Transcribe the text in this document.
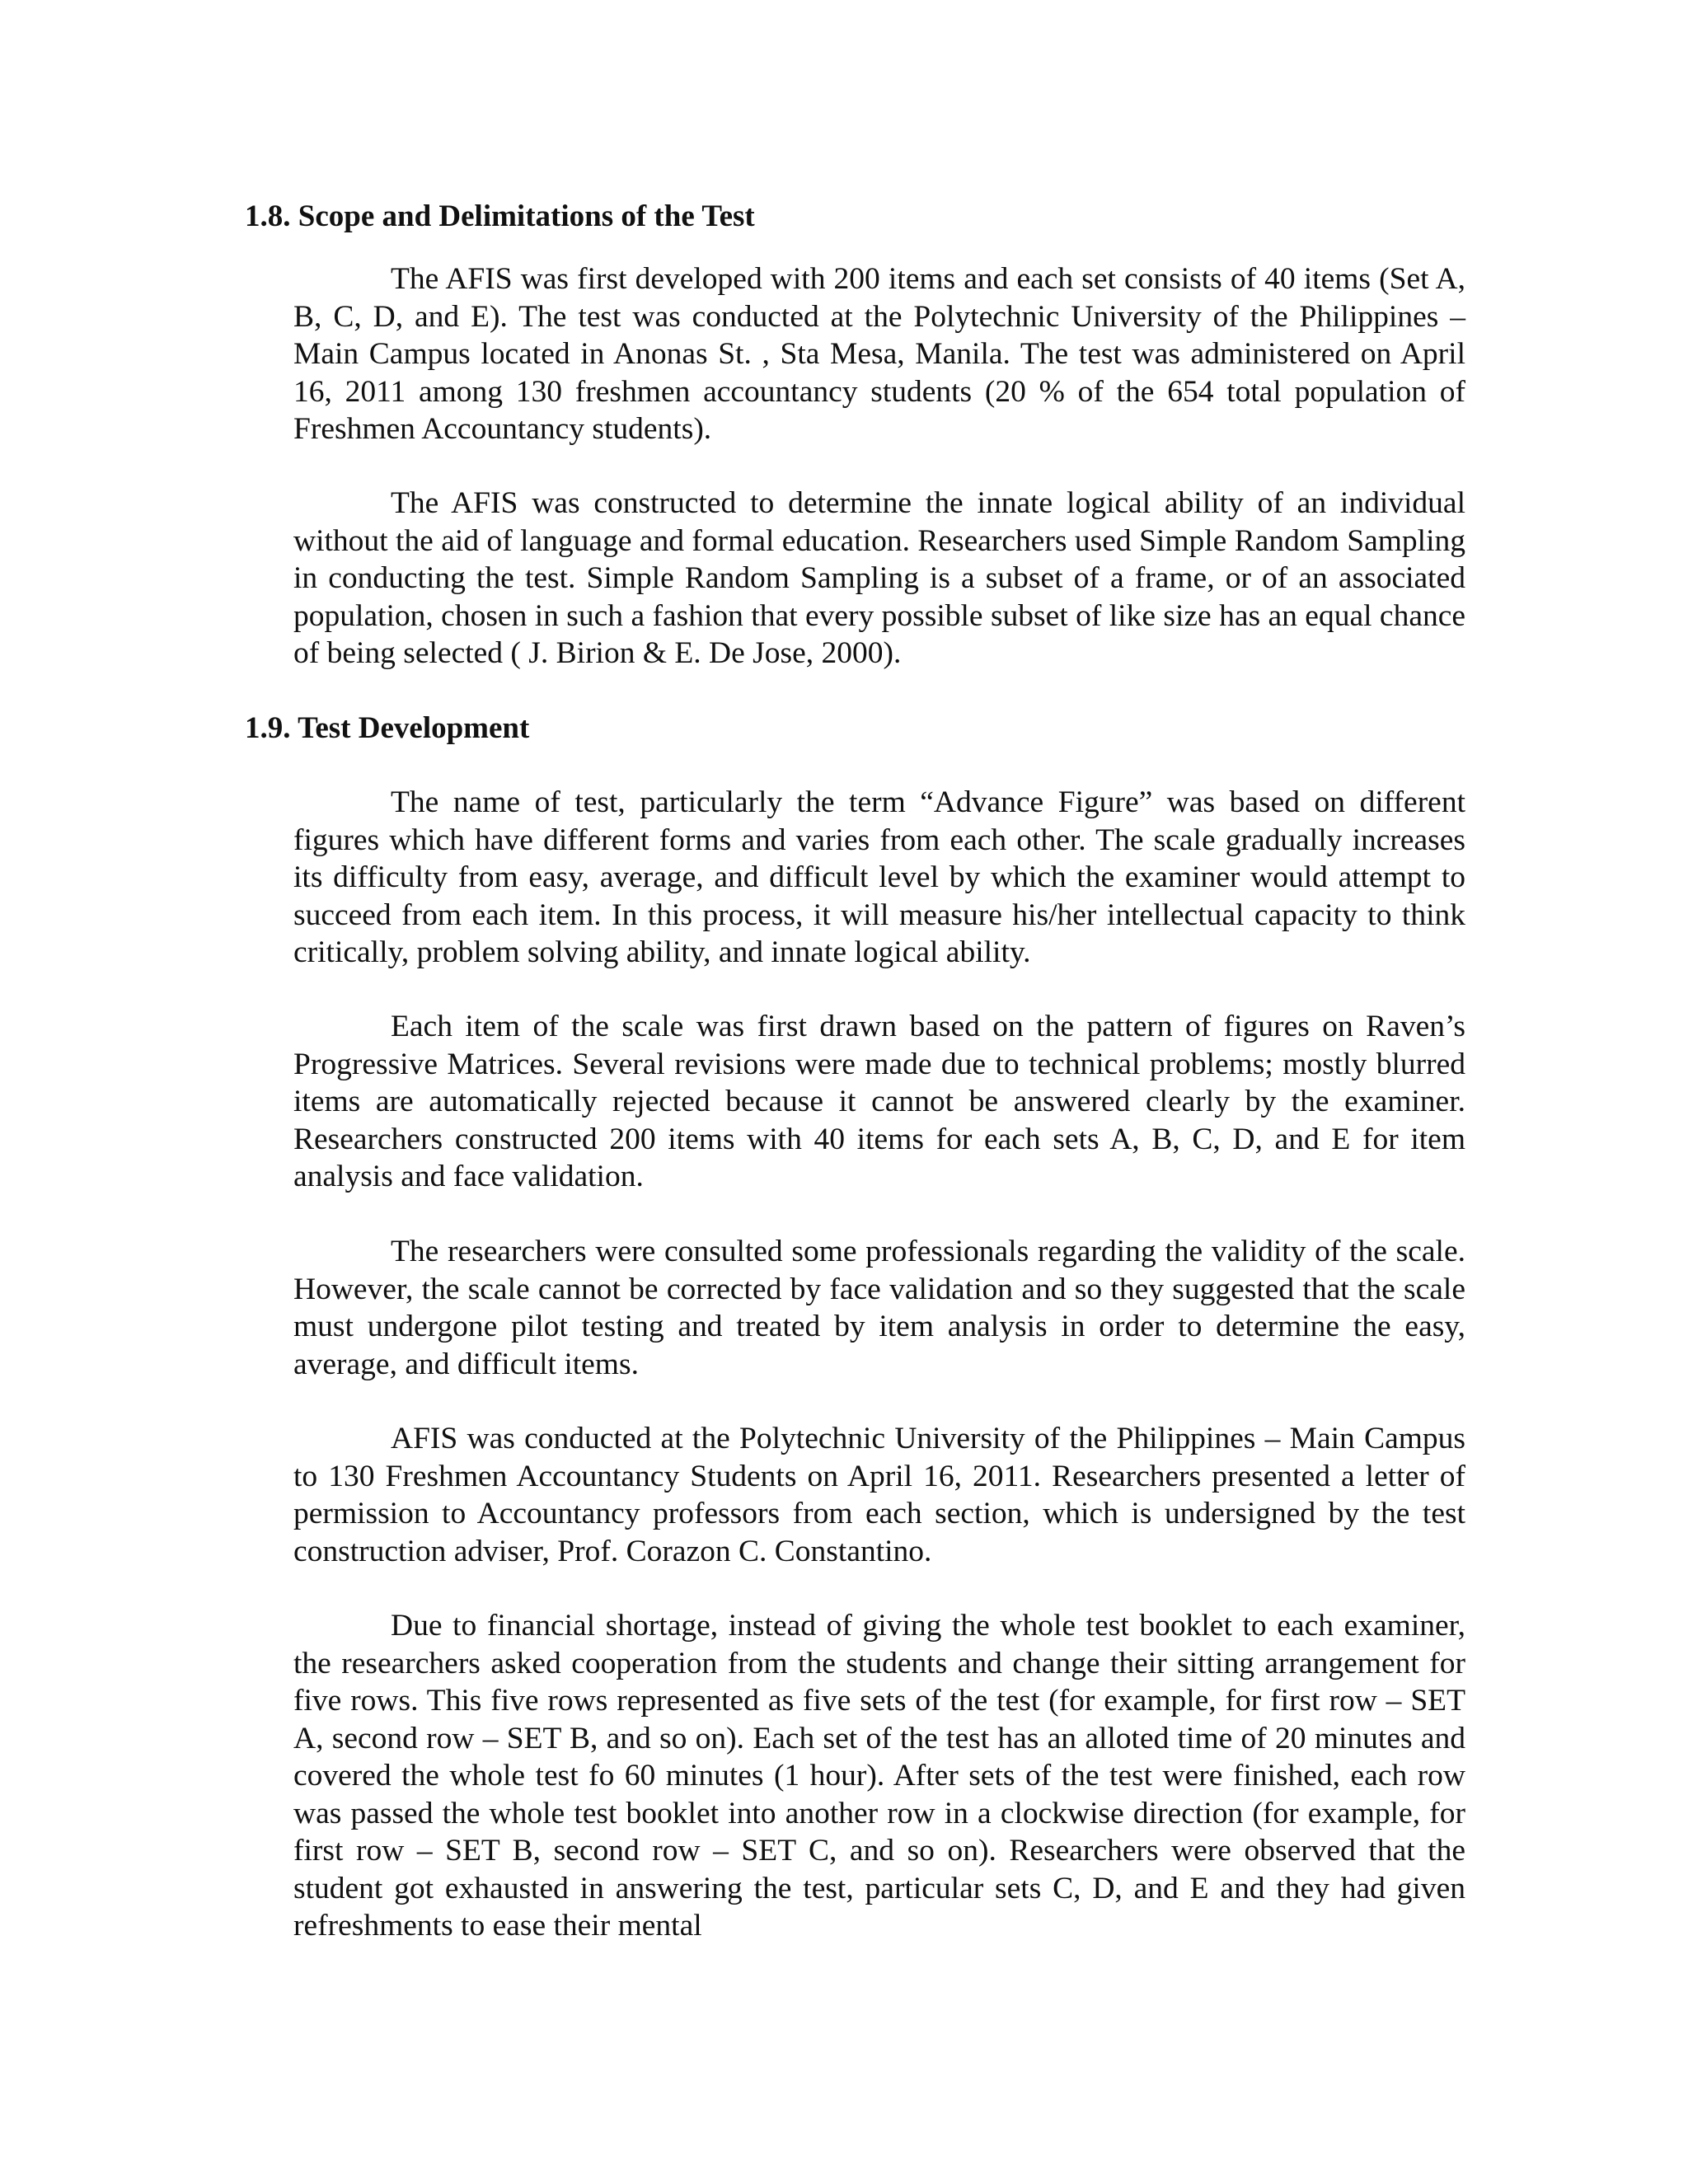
1.8. Scope and Delimitations of the Test

The AFIS was first developed with 200 items and each set consists of 40 items (Set A, B, C, D, and E). The test was conducted at the Polytechnic University of the Philippines – Main Campus located in Anonas St. , Sta Mesa, Manila. The test was administered on April 16, 2011 among 130 freshmen accountancy students (20 % of the 654 total population of Freshmen Accountancy students).

The AFIS was constructed to determine the innate logical ability of an individual without the aid of language and formal education. Researchers used Simple Random Sampling in conducting the test. Simple Random Sampling is a subset of a frame, or of an associated population, chosen in such a fashion that every possible subset of like size has an equal chance of being selected ( J. Birion & E. De Jose, 2000).

1.9. Test Development

The name of test, particularly the term “Advance Figure” was based on different figures which have different forms and varies from each other. The scale gradually increases its difficulty from easy, average, and difficult level by which the examiner would attempt to succeed from each item. In this process, it will measure his/her intellectual capacity to think critically, problem solving ability, and innate logical ability.

Each item of the scale was first drawn based on the pattern of figures on Raven’s Progressive Matrices. Several revisions were made due to technical problems; mostly blurred items are automatically rejected because it cannot be answered clearly by the examiner. Researchers constructed 200 items with 40 items for each sets A, B, C, D, and E for item analysis and face validation.

The researchers were consulted some professionals regarding the validity of the scale. However, the scale cannot be corrected by face validation and so they suggested that the scale must undergone pilot testing and treated by item analysis in order to determine the easy, average, and difficult items.

AFIS was conducted at the Polytechnic University of the Philippines – Main Campus to 130 Freshmen Accountancy Students on April 16, 2011. Researchers presented a letter of permission to Accountancy professors from each section, which is undersigned by the test construction adviser, Prof. Corazon C. Constantino.

Due to financial shortage, instead of giving the whole test booklet to each examiner, the researchers asked cooperation from the students and change their sitting arrangement for five rows. This five rows represented as five sets of the test (for example, for first row – SET A, second row – SET B, and so on). Each set of the test has an alloted time of 20 minutes and covered the whole test fo 60 minutes (1 hour). After sets of the test were finished, each row was passed the whole test booklet into another row in a clockwise direction (for example, for first row – SET B, second row – SET C, and so on). Researchers were observed that the student got exhausted in answering the test, particular sets C, D, and E and they had given refreshments to ease their mental
